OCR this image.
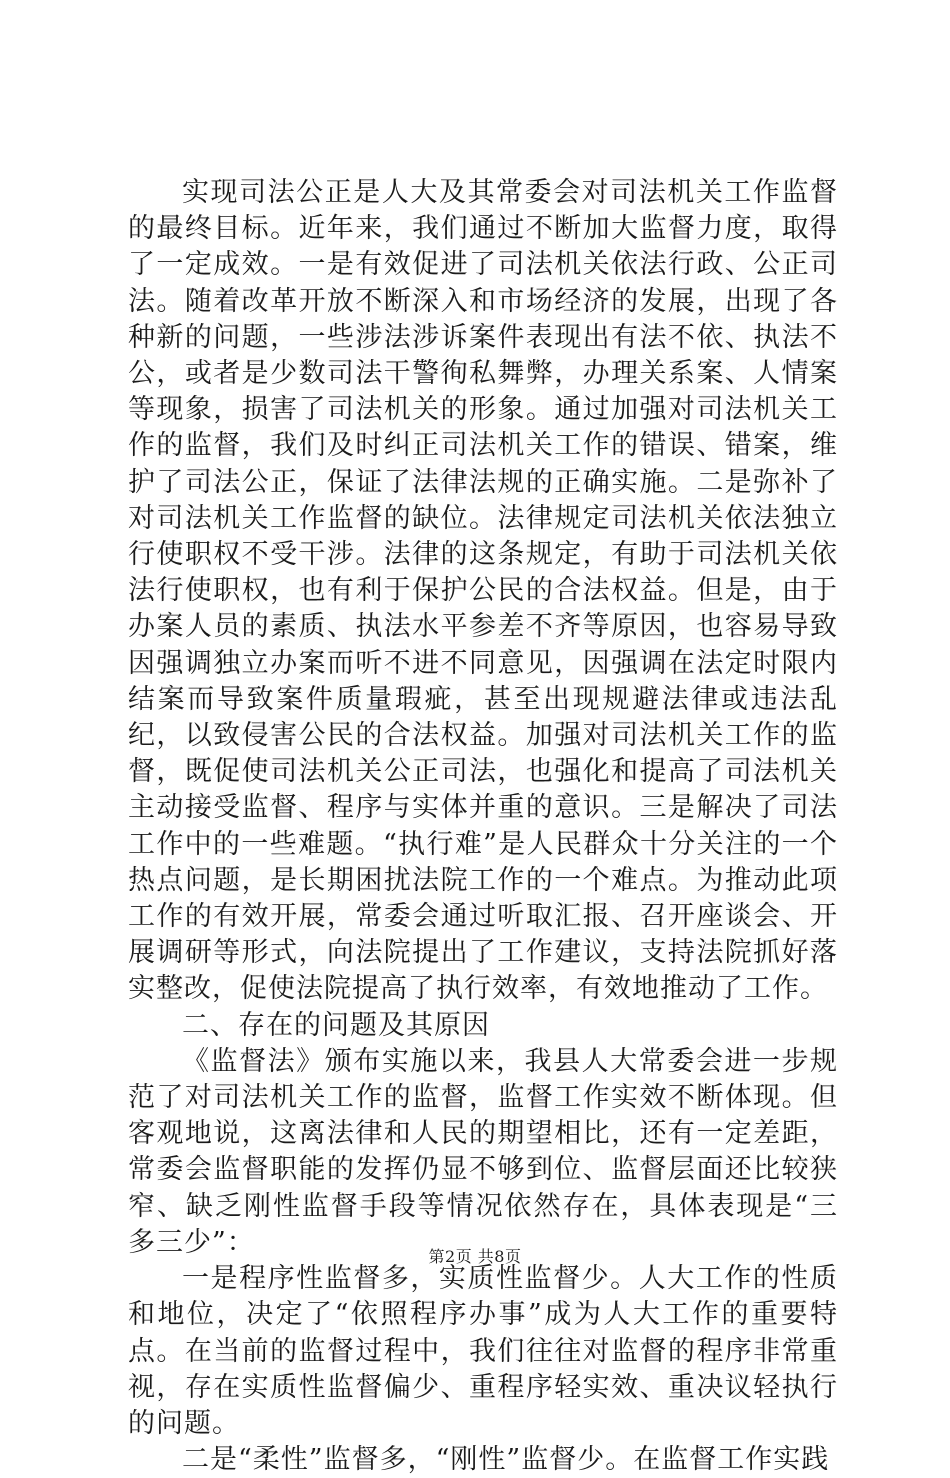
实现司法公正是人大及其常委会对司法机关工作监督的最终目标。近年来，我们通过不断加大监督力度，取得了一定成效。一是有效促进了司法机关依法行政、公正司法。随着改革开放不断深入和市场经济的发展，出现了各种新的问题，一些涉法涉诉案件表现出有法不依、执法不公，或者是少数司法干警徇私舞弊，办理关系案、人情案等现象，损害了司法机关的形象。通过加强对司法机关工作的监督，我们及时纠正司法机关工作的错误、错案，维护了司法公正，保证了法律法规的正确实施。二是弥补了对司法机关工作监督的缺位。法律规定司法机关依法独立行使职权不受干涉。法律的这条规定，有助于司法机关依法行使职权，也有利于保护公民的合法权益。但是，由于办案人员的素质、执法水平参差不齐等原因，也容易导致因强调独立办案而听不进不同意见，因强调在法定时限内结案而导致案件质量瑕疵，甚至出现规避法律或违法乱纪，以致侵害公民的合法权益。加强对司法机关工作的监督，既促使司法机关公正司法，也强化和提高了司法机关主动接受监督、程序与实体并重的意识。三是解决了司法工作中的一些难题。“执行难”是人民群众十分关注的一个热点问题，是长期困扰法院工作的一个难点。为推动此项工作的有效开展，常委会通过听取汇报、召开座谈会、开展调研等形式，向法院提出了工作建议，支持法院抓好落实整改，促使法院提高了执行效率，有效地推动了工作。

二、存在的问题及其原因

《监督法》颁布实施以来，我县人大常委会进一步规范了对司法机关工作的监督，监督工作实效不断体现。但客观地说，这离法律和人民的期望相比，还有一定差距，常委会监督职能的发挥仍显不够到位、监督层面还比较狭窄、缺乏刚性监督手段等情况依然存在，具体表现是“三多三少”：

一是程序性监督多，实质性监督少。人大工作的性质和地位，决定了“依照程序办事”成为人大工作的重要特点。在当前的监督过程中，我们往往对监督的程序非常重视，存在实质性监督偏少、重程序轻实效、重决议轻执行的问题。

二是“柔性”监督多，“刚性”监督少。在监督工作实践

第2页 共8页
